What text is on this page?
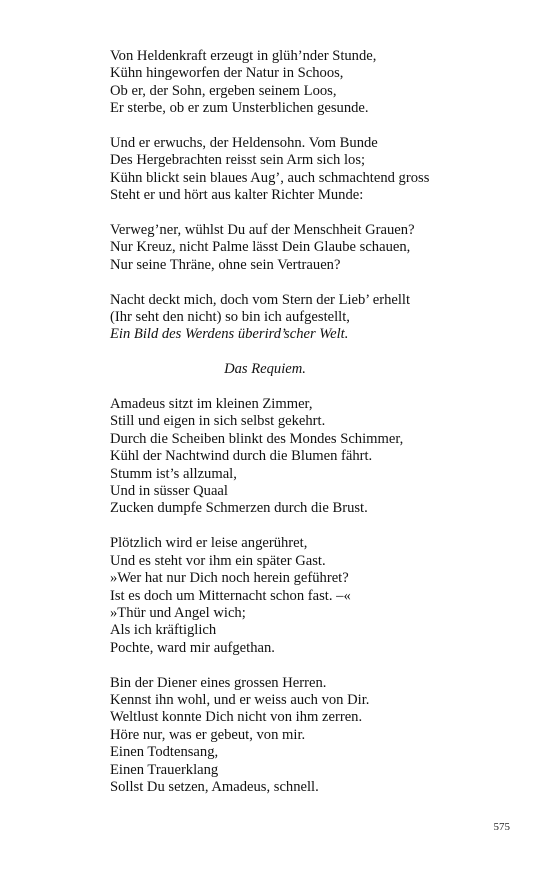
Von Heldenkraft erzeugt in glüh’nder Stunde,
Kühn hingeworfen der Natur in Schoos,
Ob er, der Sohn, ergeben seinem Loos,
Er sterbe, ob er zum Unsterblichen gesunde.
Und er erwuchs, der Heldensohn. Vom Bunde
Des Hergebrachten reisst sein Arm sich los;
Kühn blickt sein blaues Aug’, auch schmachtend gross
Steht er und hört aus kalter Richter Munde:
Verweg’ner, wühlst Du auf der Menschheit Grauen?
Nur Kreuz, nicht Palme lässt Dein Glaube schauen,
Nur seine Thräne, ohne sein Vertrauen?
Nacht deckt mich, doch vom Stern der Lieb’ erhellt
(Ihr seht den nicht) so bin ich aufgestellt,
Ein Bild des Werdens überird’scher Welt.
Das Requiem.
Amadeus sitzt im kleinen Zimmer,
Still und eigen in sich selbst gekehrt.
Durch die Scheiben blinkt des Mondes Schimmer,
Kühl der Nachtwind durch die Blumen fährt.
Stumm ist’s allzumal,
Und in süsser Quaal
Zucken dumpfe Schmerzen durch die Brust.
Plötzlich wird er leise angerühret,
Und es steht vor ihm ein später Gast.
»Wer hat nur Dich noch herein geführet?
Ist es doch um Mitternacht schon fast. –«
»Thür und Angel wich;
Als ich kräftiglich
Pochte, ward mir aufgethan.
Bin der Diener eines grossen Herren.
Kennst ihn wohl, und er weiss auch von Dir.
Weltlust konnte Dich nicht von ihm zerren.
Höre nur, was er gebeut, von mir.
Einen Todtensang,
Einen Trauerklang
Sollst Du setzen, Amadeus, schnell.
575
